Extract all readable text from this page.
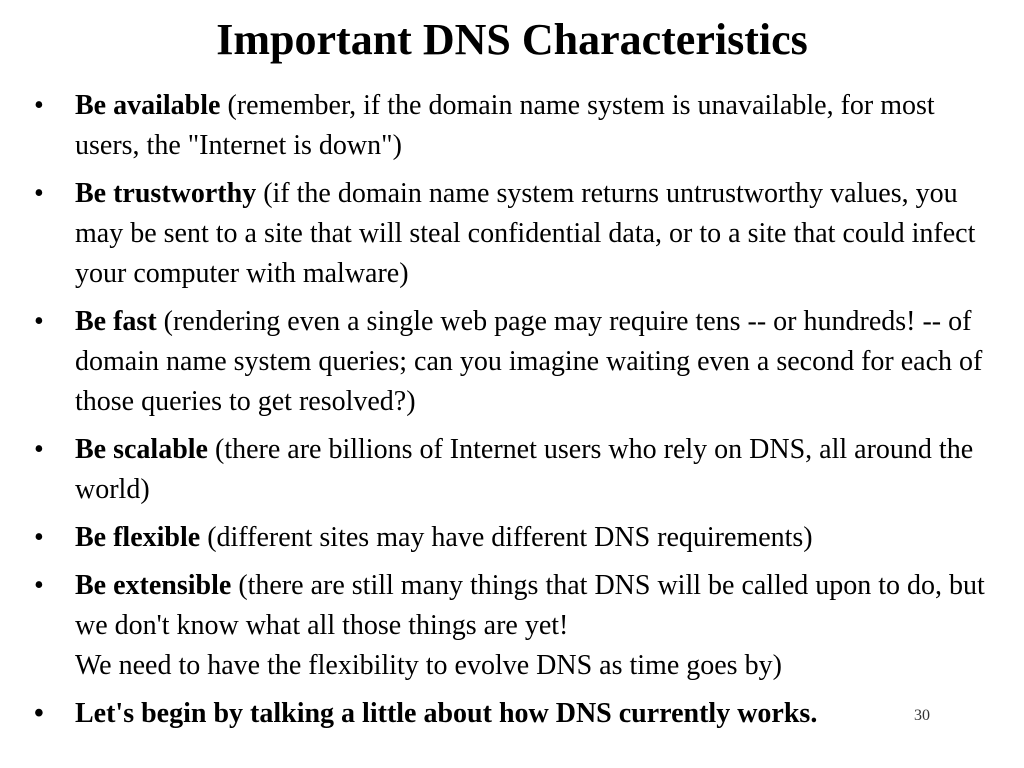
Important DNS Characteristics
• Be available (remember, if the domain name system is unavailable, for most users, the "Internet is down")
• Be trustworthy (if the domain name system returns untrustworthy values, you may be sent to a site that will steal confidential data, or to a site that could infect your computer with malware)
• Be fast (rendering even a single web page may require tens -- or hundreds! -- of domain name system queries; can you imagine waiting even a second for each of those queries to get resolved?)
• Be scalable (there are billions of Internet users who rely on DNS, all around the world)
• Be flexible (different sites may have different DNS requirements)
• Be extensible (there are still many things that DNS will be called upon to do, but we don't know what all those things are yet!
We need to have the flexibility to evolve DNS as time goes by)
• Let's begin by talking a little about how DNS currently works.	30
